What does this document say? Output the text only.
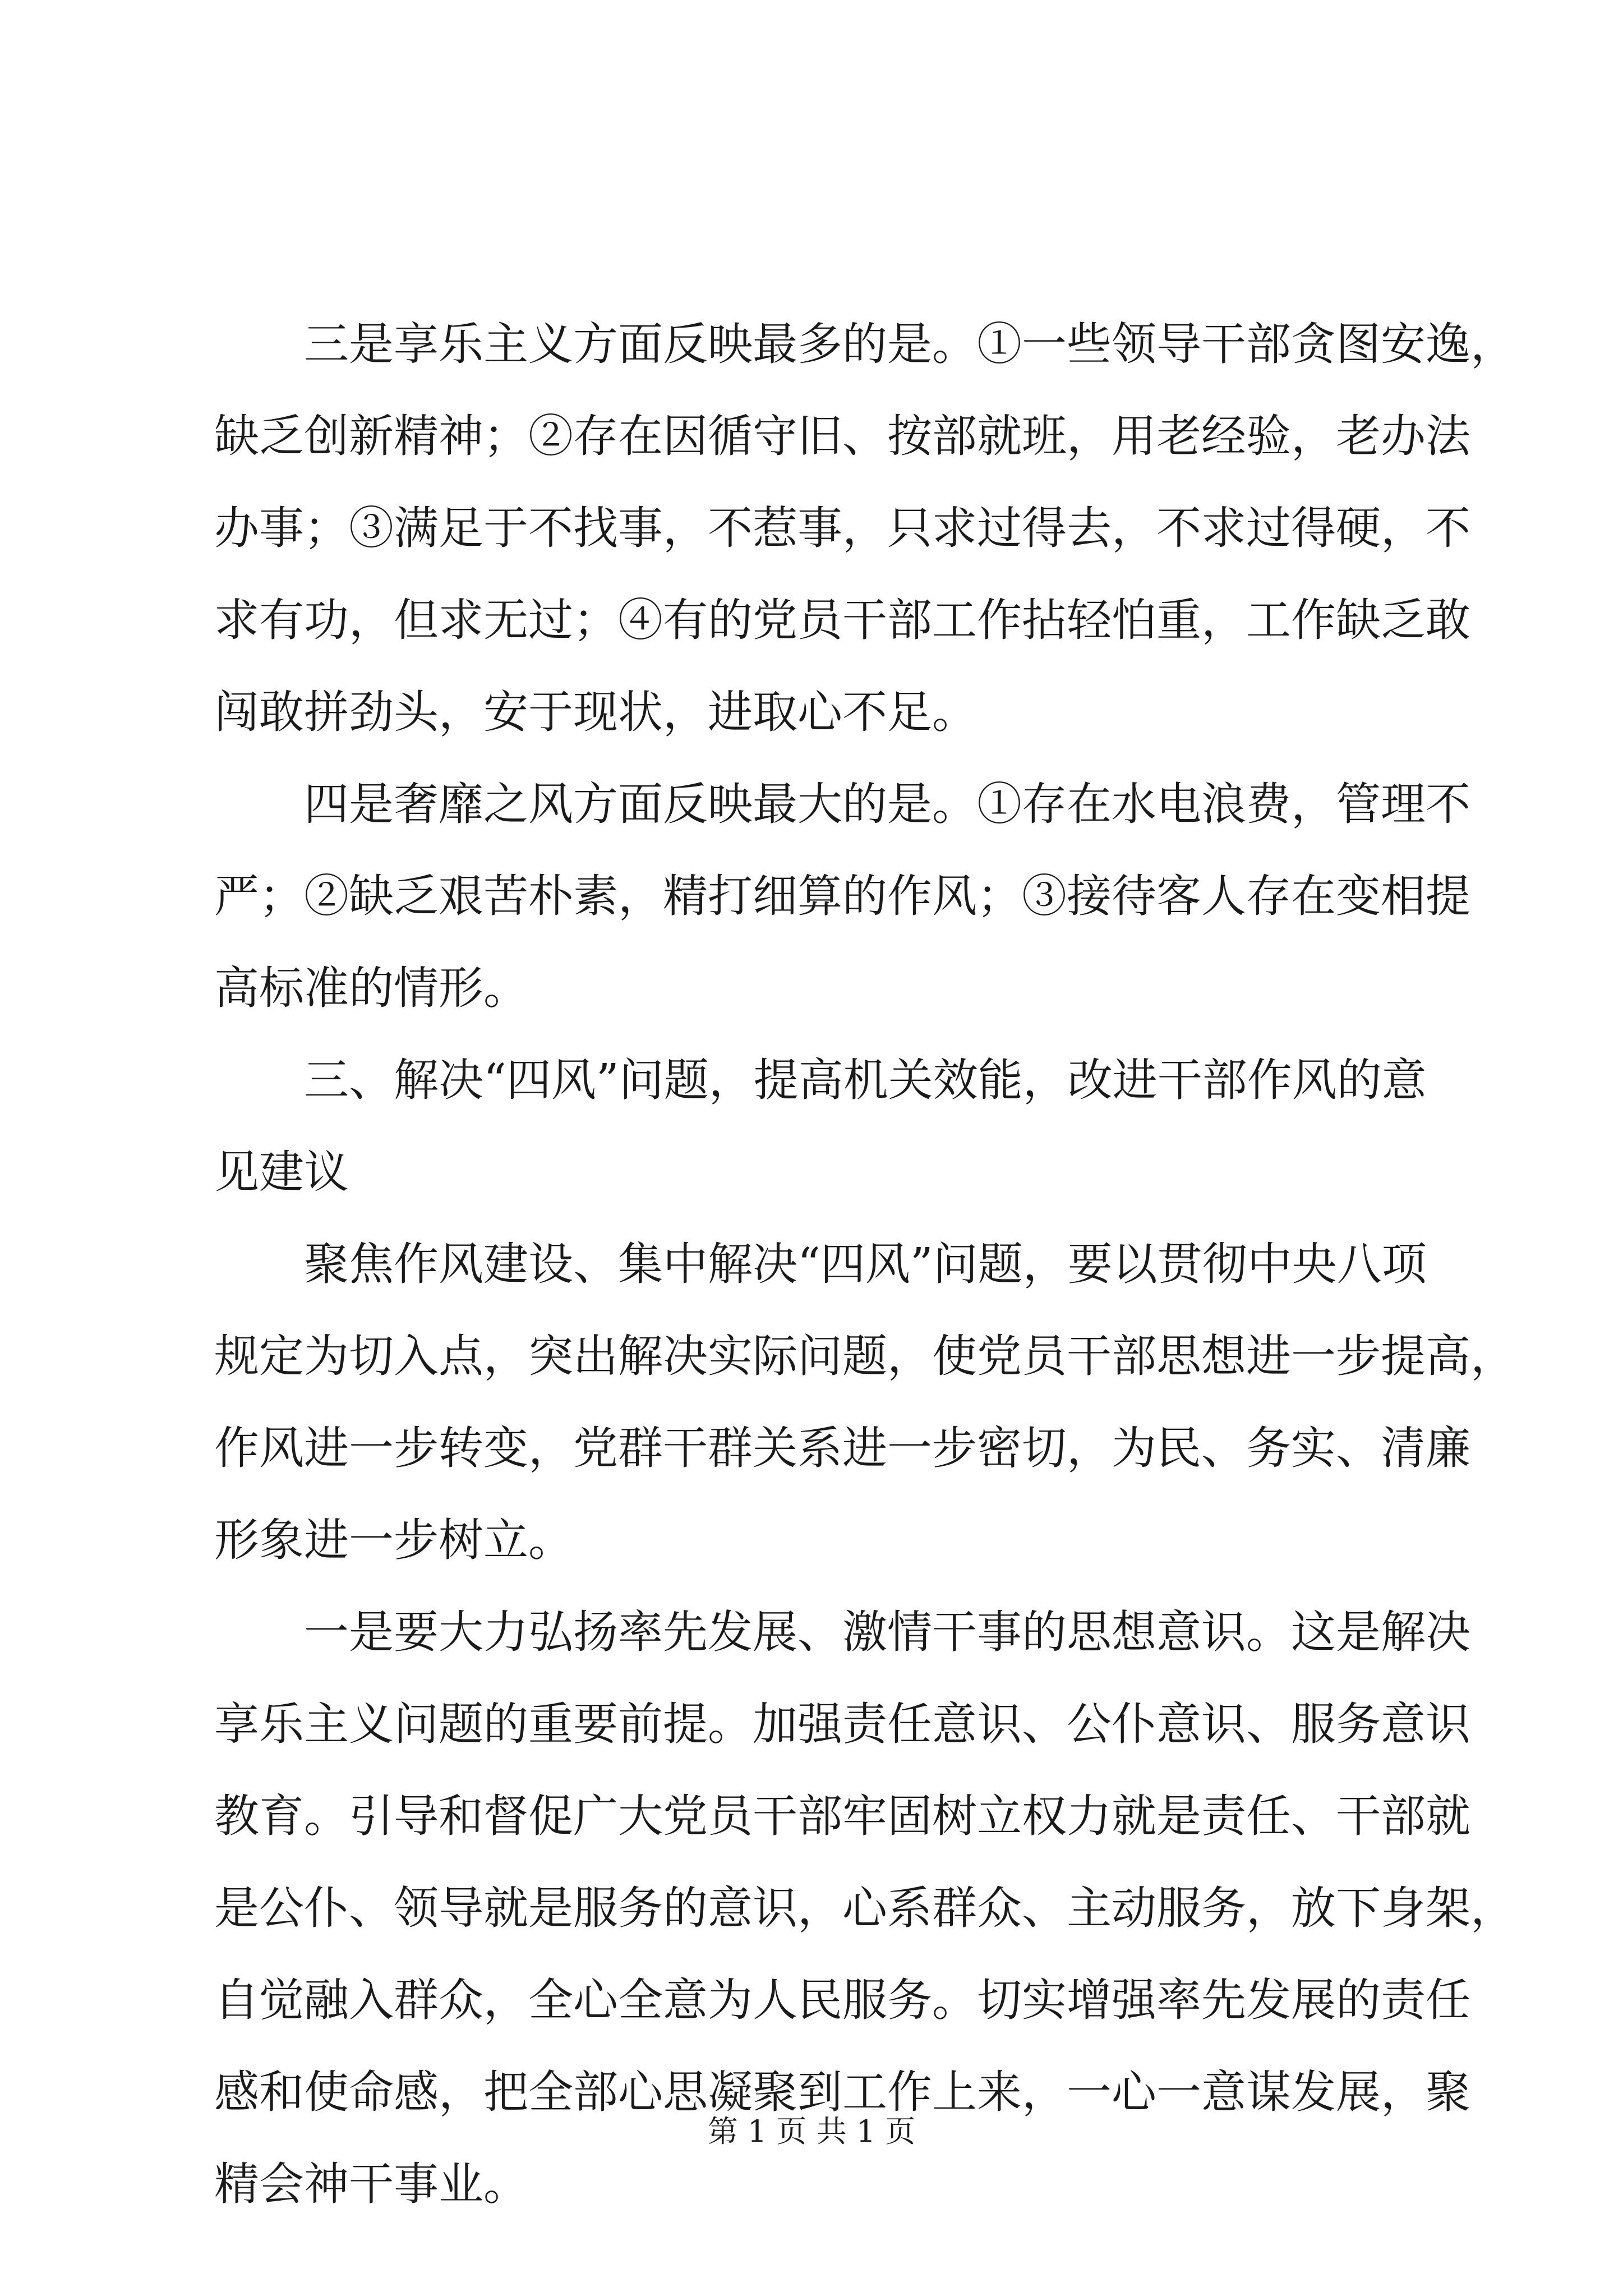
三是享乐主义方面反映最多的是。①一些领导干部贪图安逸，
缺乏创新精神；②存在因循守旧、按部就班，用老经验，老办法
办事；③满足于不找事，不惹事，只求过得去，不求过得硬，不
求有功，但求无过；④有的党员干部工作拈轻怕重，工作缺乏敢
闯敢拼劲头，安于现状，进取心不足。
四是奢靡之风方面反映最大的是。①存在水电浪费，管理不
严；②缺乏艰苦朴素，精打细算的作风；③接待客人存在变相提
高标准的情形。
三、解决“四风”问题，提高机关效能，改进干部作风的意
见建议
聚焦作风建设、集中解决“四风”问题，要以贯彻中央八项
规定为切入点，突出解决实际问题，使党员干部思想进一步提高，
作风进一步转变，党群干群关系进一步密切，为民、务实、清廉
形象进一步树立。
一是要大力弘扬率先发展、激情干事的思想意识。这是解决
享乐主义问题的重要前提。加强责任意识、公仆意识、服务意识
教育。引导和督促广大党员干部牢固树立权力就是责任、干部就
是公仆、领导就是服务的意识，心系群众、主动服务，放下身架，
自觉融入群众，全心全意为人民服务。切实增强率先发展的责任
感和使命感，把全部心思凝聚到工作上来，一心一意谋发展，聚
精会神干事业。
第 1 页 共 1 页
